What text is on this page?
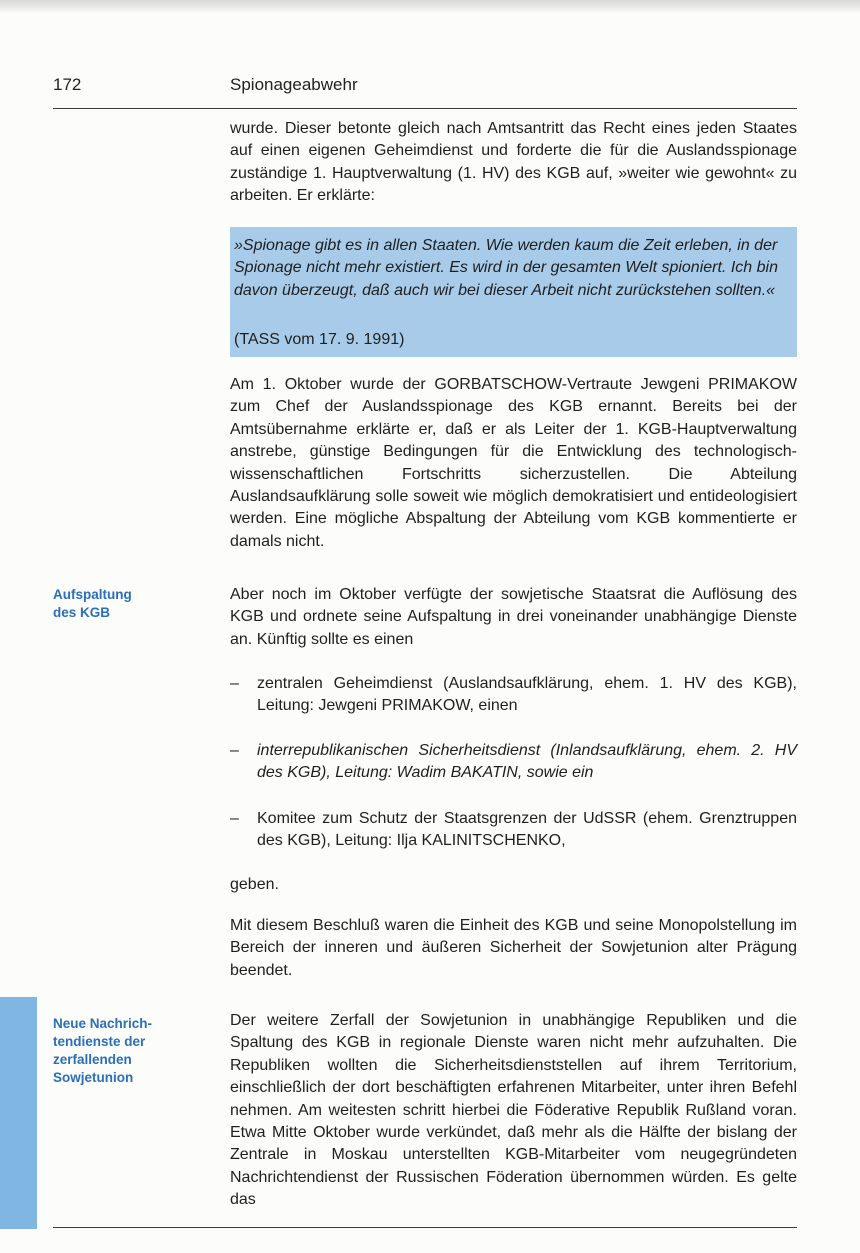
172	Spionageabwehr
wurde. Dieser betonte gleich nach Amtsantritt das Recht eines jeden Staates auf einen eigenen Geheimdienst und forderte die für die Auslandsspionage zuständige 1. Hauptverwaltung (1. HV) des KGB auf, »weiter wie gewohnt« zu arbeiten. Er erklärte:
»Spionage gibt es in allen Staaten. Wie werden kaum die Zeit erleben, in der Spionage nicht mehr existiert. Es wird in der gesamten Welt spioniert. Ich bin davon überzeugt, daß auch wir bei dieser Arbeit nicht zurückstehen sollten.«
(TASS vom 17. 9. 1991)
Am 1. Oktober wurde der GORBATSCHOW-Vertraute Jewgeni PRIMAKOW zum Chef der Auslandsspionage des KGB ernannt. Bereits bei der Amtsübernahme erklärte er, daß er als Leiter der 1. KGB-Hauptverwaltung anstrebe, günstige Bedingungen für die Entwicklung des technologisch-wissenschaftlichen Fortschritts sicherzustellen. Die Abteilung Auslandsaufklärung solle soweit wie möglich demokratisiert und entideologisiert werden. Eine mögliche Abspaltung der Abteilung vom KGB kommentierte er damals nicht.
Aufspaltung
des KGB
Aber noch im Oktober verfügte der sowjetische Staatsrat die Auflösung des KGB und ordnete seine Aufspaltung in drei voneinander unabhängige Dienste an. Künftig sollte es einen
–	zentralen Geheimdienst (Auslandsaufklärung, ehem. 1. HV des KGB), Leitung: Jewgeni PRIMAKOW, einen
–	interrepublikanischen Sicherheitsdienst (Inlandsaufklärung, ehem. 2. HV des KGB), Leitung: Wadim BAKATIN, sowie ein
–	Komitee zum Schutz der Staatsgrenzen der UdSSR (ehem. Grenztruppen des KGB), Leitung: Ilja KALINITSCHENKO,
geben.
Mit diesem Beschluß waren die Einheit des KGB und seine Monopolstellung im Bereich der inneren und äußeren Sicherheit der Sowjetunion alter Prägung beendet.
Neue Nachrich-
tendienste der
zerfallenden
Sowjetunion
Der weitere Zerfall der Sowjetunion in unabhängige Republiken und die Spaltung des KGB in regionale Dienste waren nicht mehr aufzuhalten. Die Republiken wollten die Sicherheitsdienststellen auf ihrem Territorium, einschließlich der dort beschäftigten erfahrenen Mitarbeiter, unter ihren Befehl nehmen. Am weitesten schritt hierbei die Föderative Republik Rußland voran. Etwa Mitte Oktober wurde verkündet, daß mehr als die Hälfte der bislang der Zentrale in Moskau unterstellten KGB-Mitarbeiter vom neugegründeten Nachrichtendienst der Russischen Föderation übernommen würden. Es gelte das
